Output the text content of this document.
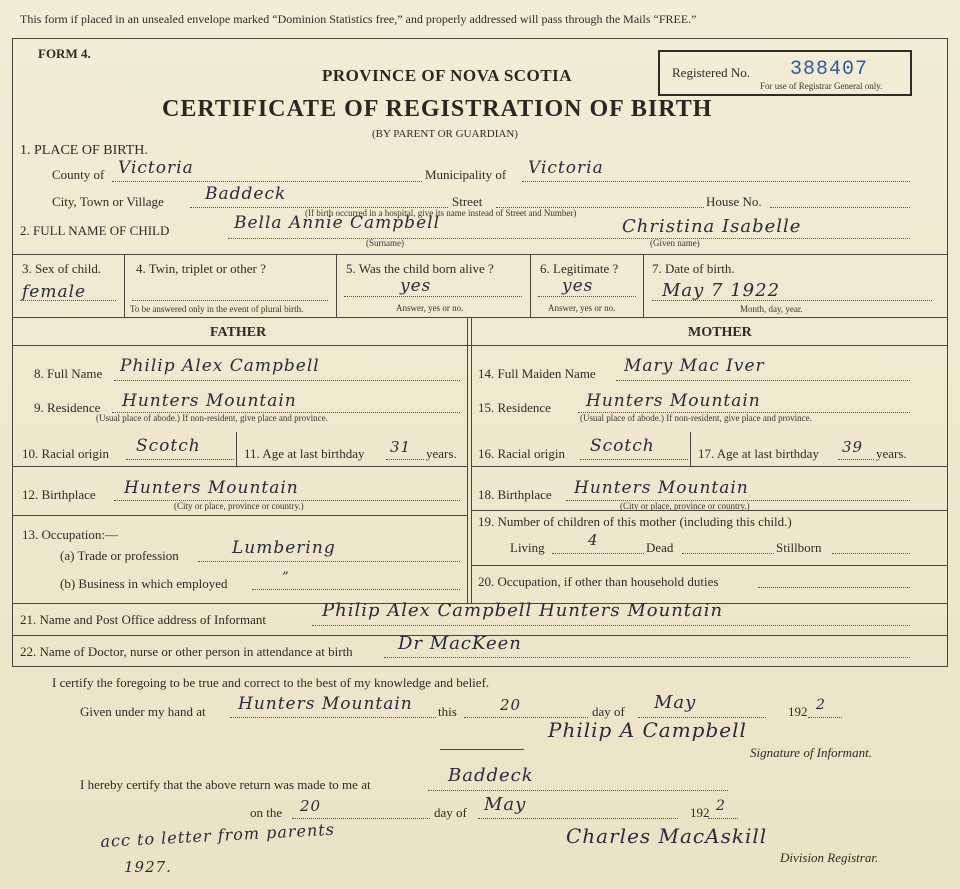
This form if placed in an unsealed envelope marked “Dominion Statistics free,” and properly addressed will pass through the Mails “FREE.”
FORM 4.
PROVINCE OF NOVA SCOTIA
CERTIFICATE OF REGISTRATION OF BIRTH
(BY PARENT OR GUARDIAN)
Registered No. 388407
For use of Registrar General only.
1. PLACE OF BIRTH.
County of Victoria	Municipality of Victoria
City, Town or Village Baddeck	Street	House No.
(If birth occurred in a hospital, give its name instead of Street and Number)
2. FULL NAME OF CHILD	Bella Annie Campbell
(Surname)
Christina Isabelle
(Given name)
3. Sex of child.
female
4. Twin, triplet or other ?
To be answered only in the event of plural birth.
5. Was the child born alive ?
yes
Answer, yes or no.
6. Legitimate ?
yes
Answer, yes or no.
7. Date of birth.
May 7 1922
Month, day, year.
FATHER	MOTHER
8. Full Name Philip Alex Campbell
9. Residence Hunters Mountain
(Usual place of abode.) If non-resident, give place and province.
10. Racial origin Scotch	11. Age at last birthday 31 years.
12. Birthplace Hunters Mountain
(City or place, province or country.)
13. Occupation:—
(a) Trade or profession	Lumbering
(b) Business in which employed	”
14. Full Maiden Name Mary Mac Iver
15. Residence Hunters Mountain
(Usual place of abode.) If non-resident, give place and province.
16. Racial origin Scotch	17. Age at last birthday 39 years.
18. Birthplace Hunters Mountain
(City or place, province or country.)
19. Number of children of this mother (including this child.)
Living	4	Dead	Stillborn
20. Occupation, if other than household duties
21. Name and Post Office address of Informant	Philip Alex Campbell Hunters Mountain
22. Name of Doctor, nurse or other person in attendance at birth	Dr MacKeen
I certify the foregoing to be true and correct to the best of my knowledge and belief.
Given under my hand at Hunters Mountain this	20	day of May	192 2
Philip A Campbell
Signature of Informant.
I hereby certify that the above return was made to me at	Baddeck
on the 20	day of May	192 2
Charles MacAskill
Division Registrar.
acc to letter from parents
1927.
